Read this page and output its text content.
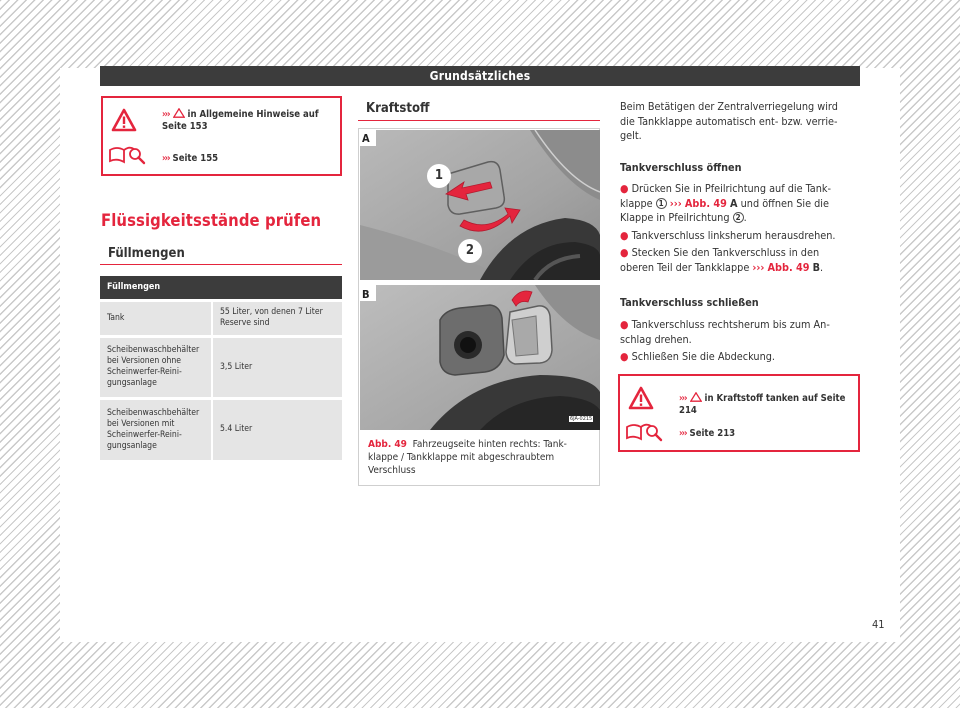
Grundsätzliches
››› in Allgemeine Hinweise auf
Seite 153
››› Seite 155
Flüssigkeitsstände prüfen
Füllmengen
Füllmengen	
Tank	55 Liter, von denen 7 Liter
Reserve sind
Scheibenwaschbehälter
bei Versionen ohne
Scheinwerfer-Reini-
gungsanlage	3,5 Liter
Scheibenwaschbehälter
bei Versionen mit
Scheinwerfer-Reini-
gungsanlage	5.4 Liter
Kraftstoff
A
B
1
2
6JA-0215
Abb. 49 Fahrzeugseite hinten rechts: Tank-
klappe / Tankklappe mit abgeschraubtem
Verschluss
Beim Betätigen der Zentralverriegelung wird
die Tankklappe automatisch ent- bzw. verrie-
gelt.
Tankverschluss öffnen
● Drücken Sie in Pfeilrichtung auf die Tank-
klappe 1 ››› Abb. 49 A und öffnen Sie die
Klappe in Pfeilrichtung 2 .

● Tankverschluss linksherum herausdrehen.

● Stecken Sie den Tankverschluss in den
oberen Teil der Tankklappe ››› Abb. 49 B.
Tankverschluss schließen
● Tankverschluss rechtsherum bis zum An-
schlag drehen.

● Schließen Sie die Abdeckung.
››› in Kraftstoff tanken auf Seite 214
››› Seite 213
41
